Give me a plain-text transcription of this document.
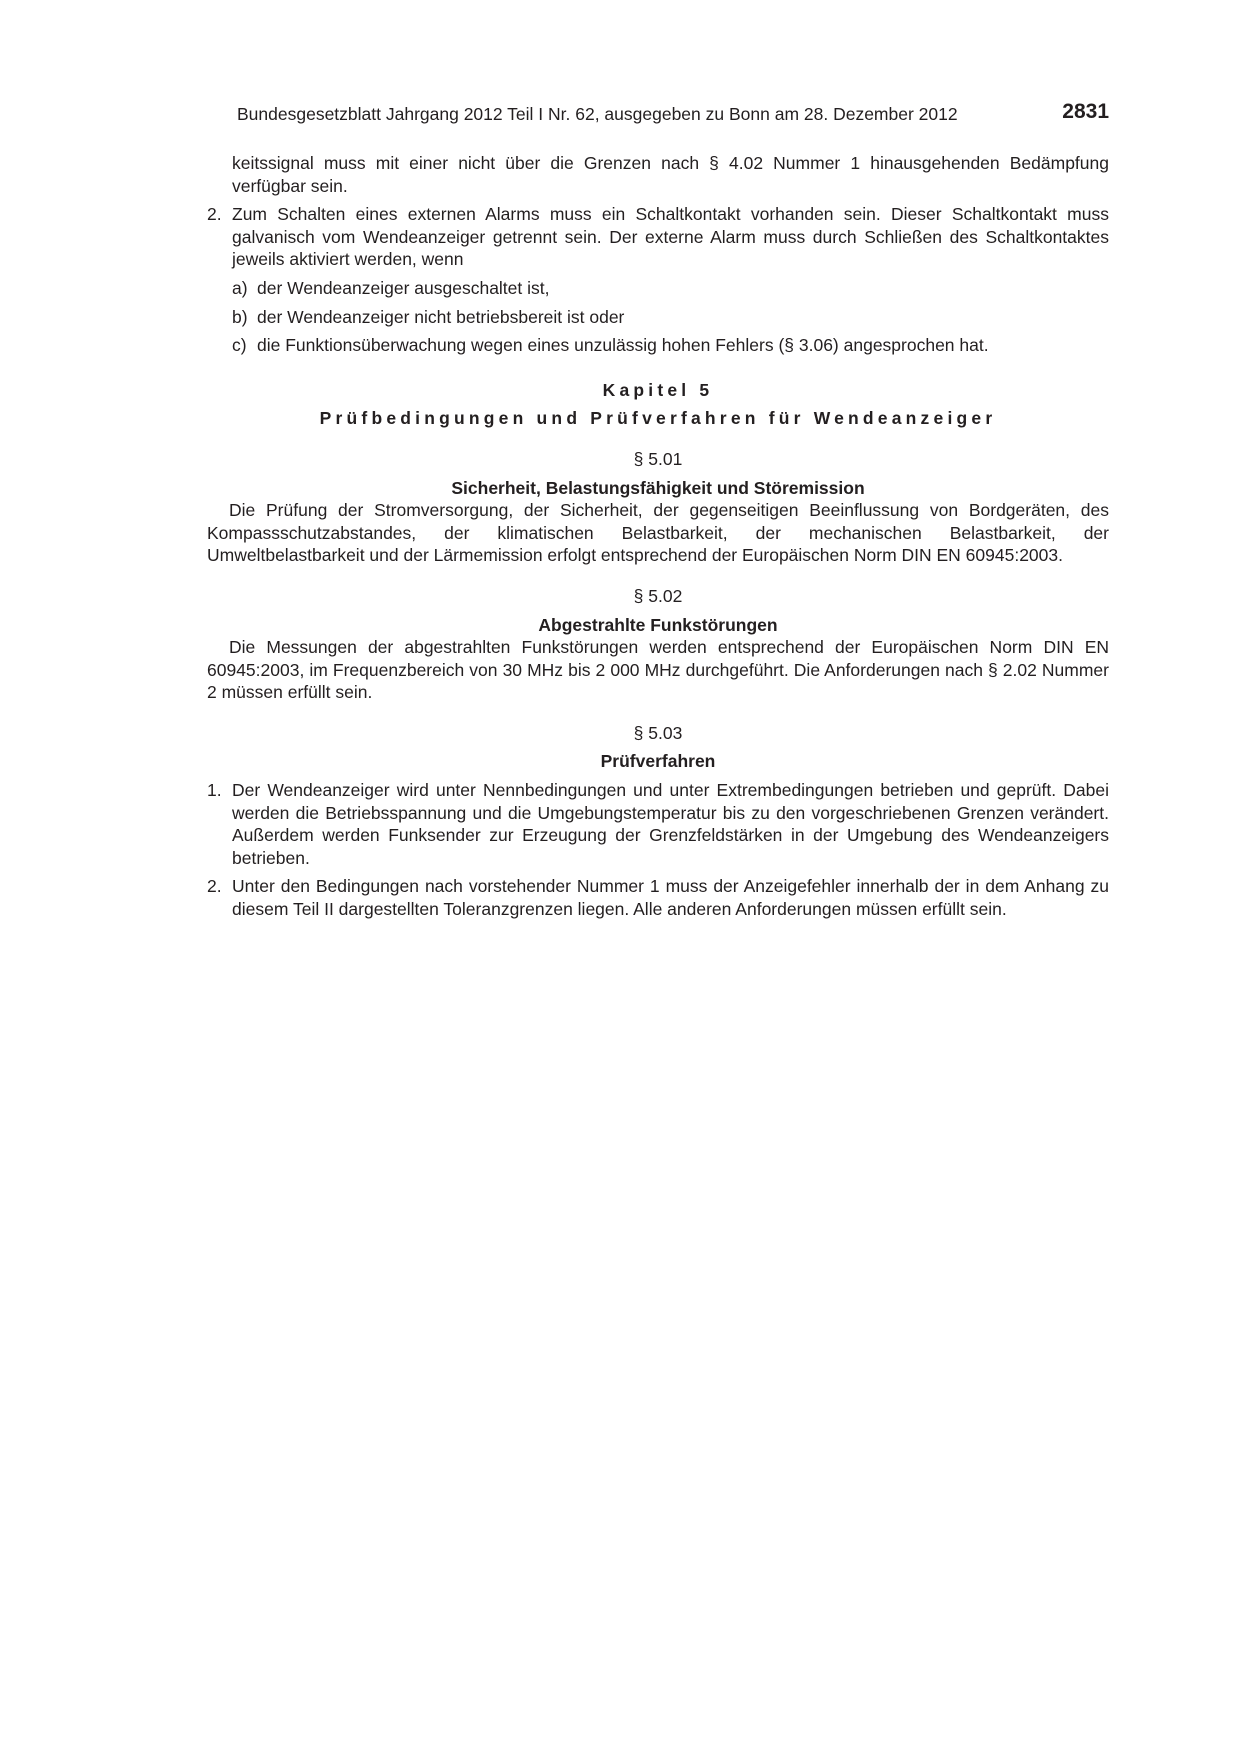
Bundesgesetzblatt Jahrgang 2012 Teil I Nr. 62, ausgegeben zu Bonn am 28. Dezember 2012	2831
keitssignal muss mit einer nicht über die Grenzen nach § 4.02 Nummer 1 hinausgehenden Bedämpfung verfügbar sein.
2. Zum Schalten eines externen Alarms muss ein Schaltkontakt vorhanden sein. Dieser Schaltkontakt muss galvanisch vom Wendeanzeiger getrennt sein. Der externe Alarm muss durch Schließen des Schaltkontaktes jeweils aktiviert werden, wenn
a) der Wendeanzeiger ausgeschaltet ist,
b) der Wendeanzeiger nicht betriebsbereit ist oder
c) die Funktionsüberwachung wegen eines unzulässig hohen Fehlers (§ 3.06) angesprochen hat.
Kapitel 5
Prüfbedingungen und Prüfverfahren für Wendeanzeiger
§ 5.01
Sicherheit, Belastungsfähigkeit und Störemission
Die Prüfung der Stromversorgung, der Sicherheit, der gegenseitigen Beeinflussung von Bordgeräten, des Kompassschutzabstandes, der klimatischen Belastbarkeit, der mechanischen Belastbarkeit, der Umweltbelastbarkeit und der Lärmemission erfolgt entsprechend der Europäischen Norm DIN EN 60945:2003.
§ 5.02
Abgestrahlte Funkstörungen
Die Messungen der abgestrahlten Funkstörungen werden entsprechend der Europäischen Norm DIN EN 60945:2003, im Frequenzbereich von 30 MHz bis 2 000 MHz durchgeführt. Die Anforderungen nach § 2.02 Nummer 2 müssen erfüllt sein.
§ 5.03
Prüfverfahren
1. Der Wendeanzeiger wird unter Nennbedingungen und unter Extrembedingungen betrieben und geprüft. Dabei werden die Betriebsspannung und die Umgebungstemperatur bis zu den vorgeschriebenen Grenzen verändert. Außerdem werden Funksender zur Erzeugung der Grenzfeldstärken in der Umgebung des Wendeanzeigers betrieben.
2. Unter den Bedingungen nach vorstehender Nummer 1 muss der Anzeigefehler innerhalb der in dem Anhang zu diesem Teil II dargestellten Toleranzgrenzen liegen. Alle anderen Anforderungen müssen erfüllt sein.
